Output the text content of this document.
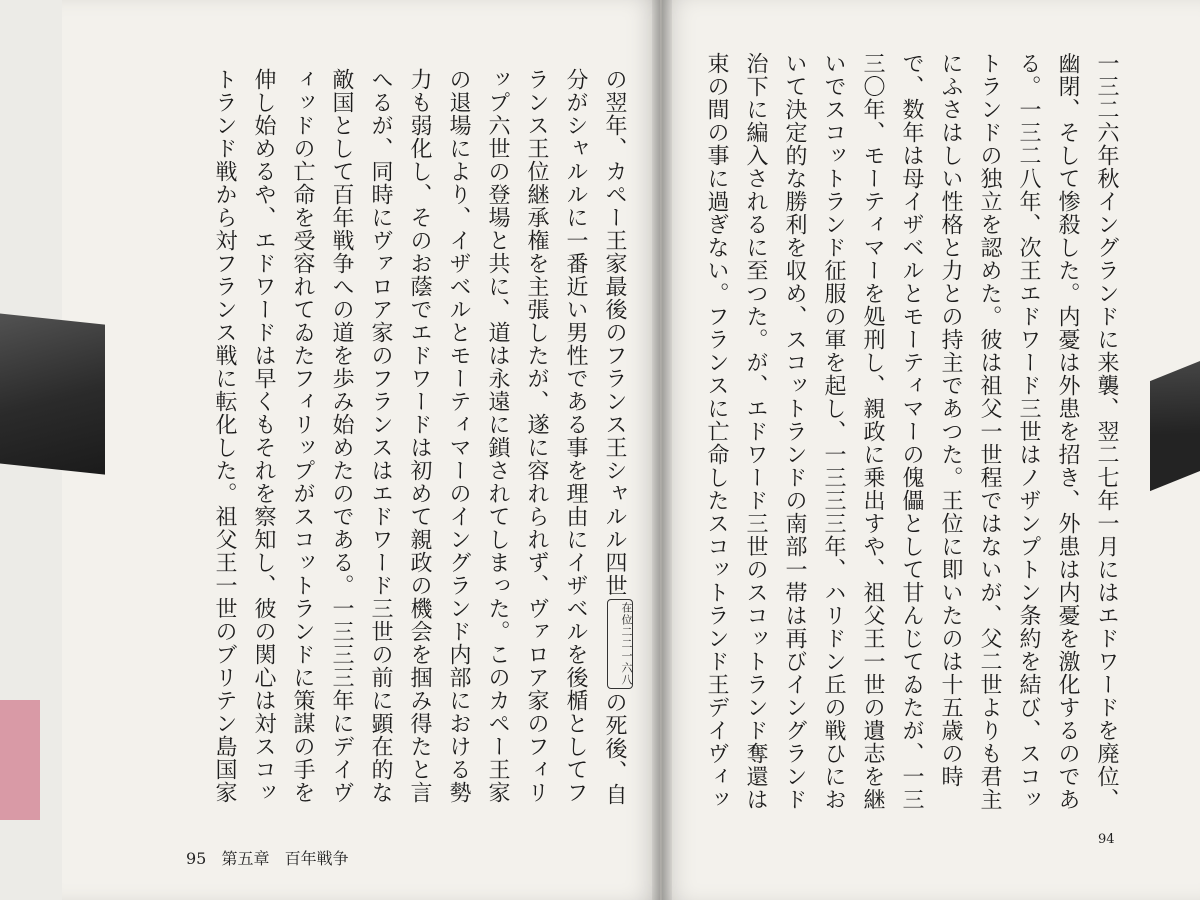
の翌年、カペー王家最後のフランス王シャルル四世在位二二一六八の死後、自分がシャルルに一番近い男性である事を理由にイザベルを後楯としてフランス王位継承権を主張したが、遂に容れられず、ヴァロア家のフィリップ六世の登場と共に、道は永遠に鎖されてしまった。このカペー王家の退場により、イザベルとモーティマーのイングランド内部における勢力も弱化し、そのお蔭でエドワードは初めて親政の機会を掴み得たと言へるが、同時にヴァロア家のフランスはエドワード三世の前に顕在的な敵国として百年戦争への道を歩み始めたのである。一三三三年にデイヴィッドの亡命を受容れてゐたフィリップがスコットランドに策謀の手を伸し始めるや、エドワードは早くもそれを察知し、彼の関心は対スコットランド戦から対フランス戦に転化した。祖父王一世のブリテン島国家
一三二六年秋イングランドに来襲、翌二七年一月にはエドワードを廃位、幽閉、そして惨殺した。内憂は外患を招き、外患は内憂を激化するのである。一三二八年、次王エドワード三世はノザンプトン条約を結び、スコットランドの独立を認めた。彼は祖父一世程ではないが、父二世よりも君主にふさはしい性格と力との持主であつた。王位に即いたのは十五歳の時で、数年は母イザベルとモーティマーの傀儡として甘んじてゐたが、一三三〇年、モーティマーを処刑し、親政に乗出すや、祖父王一世の遺志を継いでスコットランド征服の軍を起し、一三三三年、ハリドン丘の戦ひにおいて決定的な勝利を収め、スコットランドの南部一帯は再びイングランド治下に編入されるに至つた。が、エドワード三世のスコットランド奪還は束の間の事に過ぎない。フランスに亡命したスコットランド王デイヴィッ
95 第五章 百年戦争
94
